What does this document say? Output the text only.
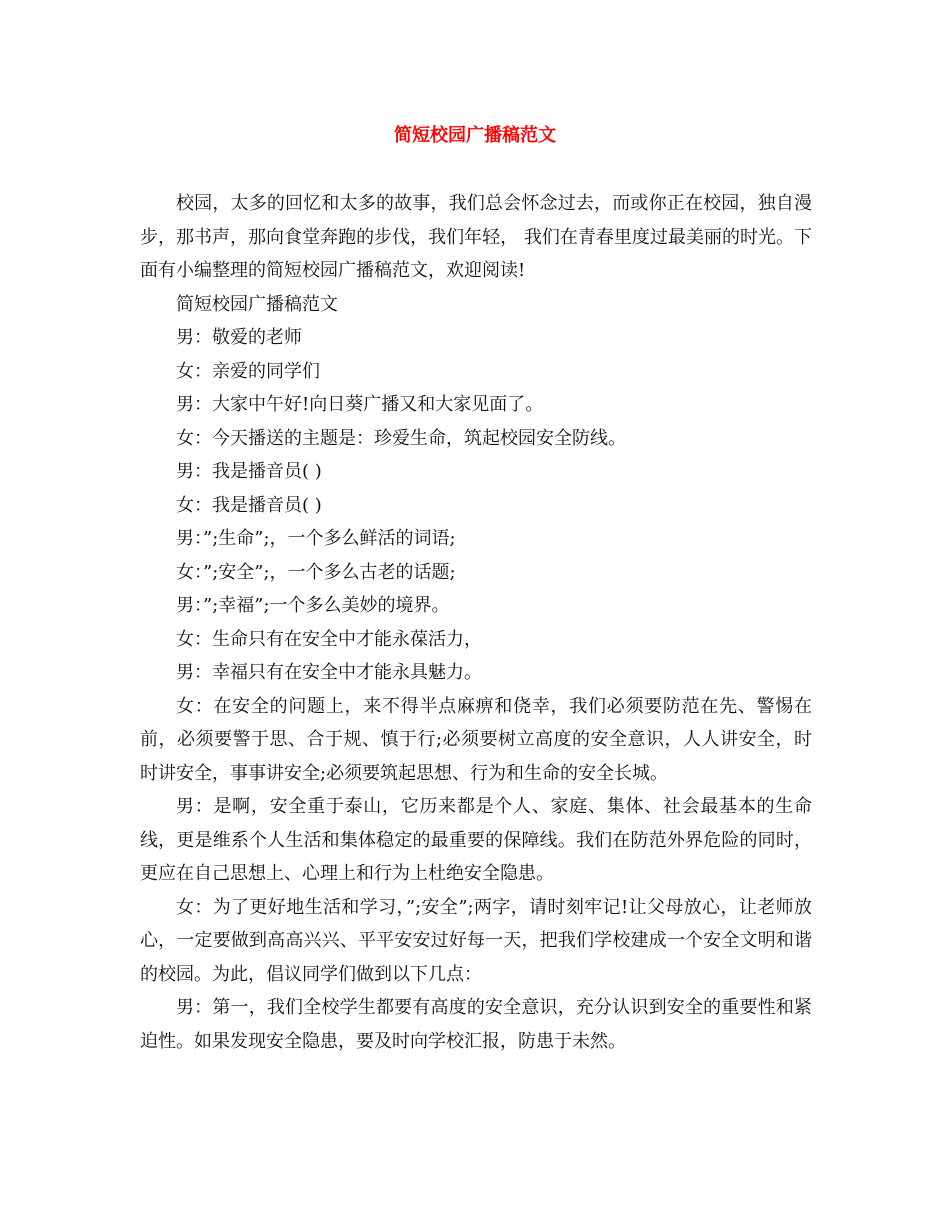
简短校园广播稿范文

校园，太多的回忆和太多的故事，我们总会怀念过去，而或你正在校园，独自漫步，那书声，那向食堂奔跑的步伐，我们年轻， 我们在青春里度过最美丽的时光。下面有小编整理的简短校园广播稿范文，欢迎阅读!

简短校园广播稿范文

男：敬爱的老师

女：亲爱的同学们

男：大家中午好!向日葵广播又和大家见面了。

女：今天播送的主题是：珍爱生命，筑起校园安全防线。

男：我是播音员( )

女：我是播音员( )

男：”;生命”;，一个多么鲜活的词语;

女：”;安全”;，一个多么古老的话题;

男：”;幸福”;一个多么美妙的境界。

女：生命只有在安全中才能永葆活力，

男：幸福只有在安全中才能永具魅力。

女：在安全的问题上，来不得半点麻痹和侥幸，我们必须要防范在先、警惕在前，必须要警于思、合于规、慎于行;必须要树立高度的安全意识，人人讲安全，时时讲安全，事事讲安全;必须要筑起思想、行为和生命的安全长城。

男：是啊，安全重于泰山，它历来都是个人、家庭、集体、社会最基本的生命线，更是维系个人生活和集体稳定的最重要的保障线。我们在防范外界危险的同时，更应在自己思想上、心理上和行为上杜绝安全隐患。

女：为了更好地生活和学习，”;安全”;两字，请时刻牢记!让父母放心，让老师放心，一定要做到高高兴兴、平平安安过好每一天，把我们学校建成一个安全文明和谐的校园。为此，倡议同学们做到以下几点：

男：第一，我们全校学生都要有高度的安全意识，充分认识到安全的重要性和紧迫性。如果发现安全隐患，要及时向学校汇报，防患于未然。
